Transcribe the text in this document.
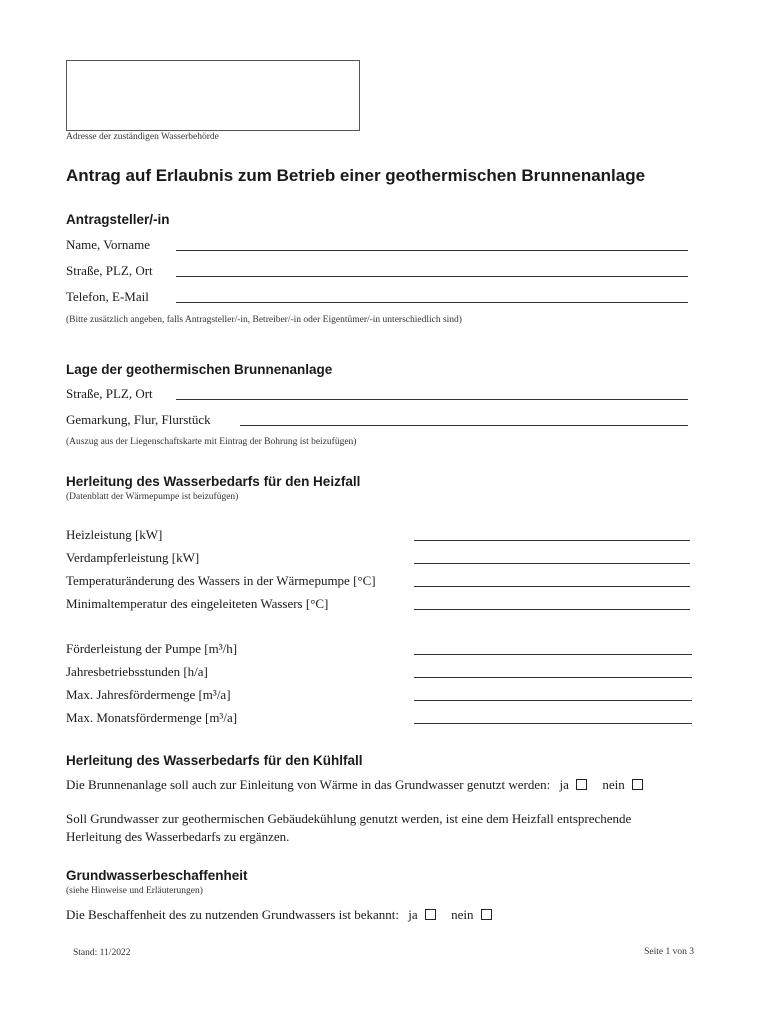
Adresse der zuständigen Wasserbehörde
Antrag auf Erlaubnis zum Betrieb einer geothermischen Brunnenanlage
Antragsteller/-in
Name, Vorname
Straße, PLZ, Ort
Telefon, E-Mail
(Bitte zusätzlich angeben, falls Antragsteller/-in, Betreiber/-in oder Eigentümer/-in unterschiedlich sind)
Lage der geothermischen Brunnenanlage
Straße, PLZ, Ort
Gemarkung, Flur, Flurstück
(Auszug aus der Liegenschaftskarte mit Eintrag der Bohrung ist beizufügen)
Herleitung des Wasserbedarfs für den Heizfall
(Datenblatt der Wärmepumpe ist beizufügen)
Heizleistung [kW]
Verdampferleistung [kW]
Temperaturänderung des Wassers in der Wärmepumpe [°C]
Minimaltemperatur des eingeleiteten Wassers [°C]
Förderleistung der Pumpe [m³/h]
Jahresbetriebsstunden [h/a]
Max. Jahresfördermenge [m³/a]
Max. Monatsfördermenge [m³/a]
Herleitung des Wasserbedarfs für den Kühlfall
Die Brunnenanlage soll auch zur Einleitung von Wärme in das Grundwasser genutzt werden: ja	nein
Soll Grundwasser zur geothermischen Gebäudekühlung genutzt werden, ist eine dem Heizfall entsprechende
Herleitung des Wasserbedarfs zu ergänzen.
Grundwasserbeschaffenheit
(siehe Hinweise und Erläuterungen)
Die Beschaffenheit des zu nutzenden Grundwassers ist bekannt: ja	nein
Stand: 11/2022	Seite 1 von 3
